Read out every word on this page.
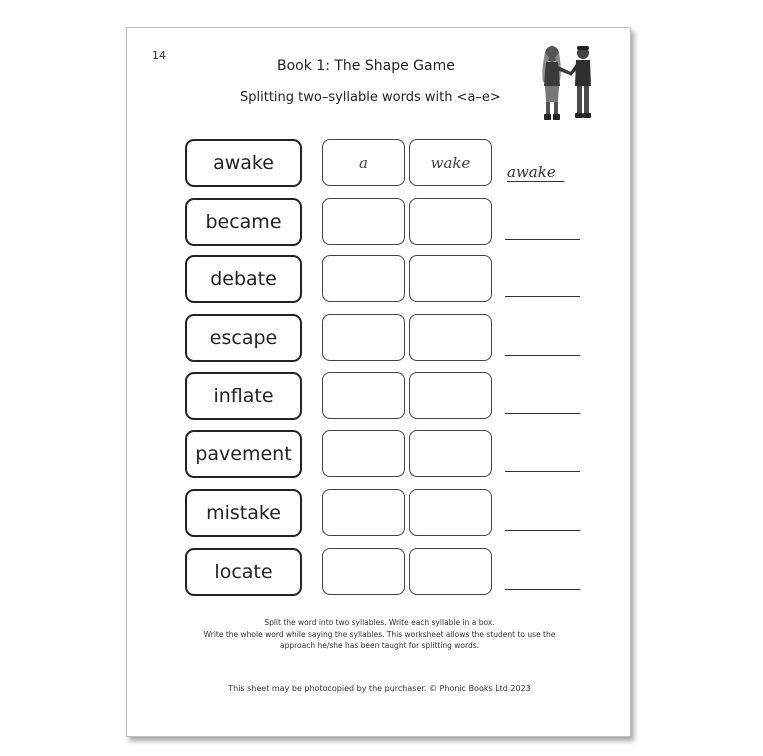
14
Book 1: The Shape Game
Splitting two–syllable words with <a–e>
awake	a	wake
awake
became
debate
escape
inflate
pavement
mistake
locate
Split the word into two syllables. Write each syllable in a box.
Write the whole word while saying the syllables. This worksheet allows the student to use the
approach he/she has been taught for splitting words.
This sheet may be photocopied by the purchaser. © Phonic Books Ltd 2023
